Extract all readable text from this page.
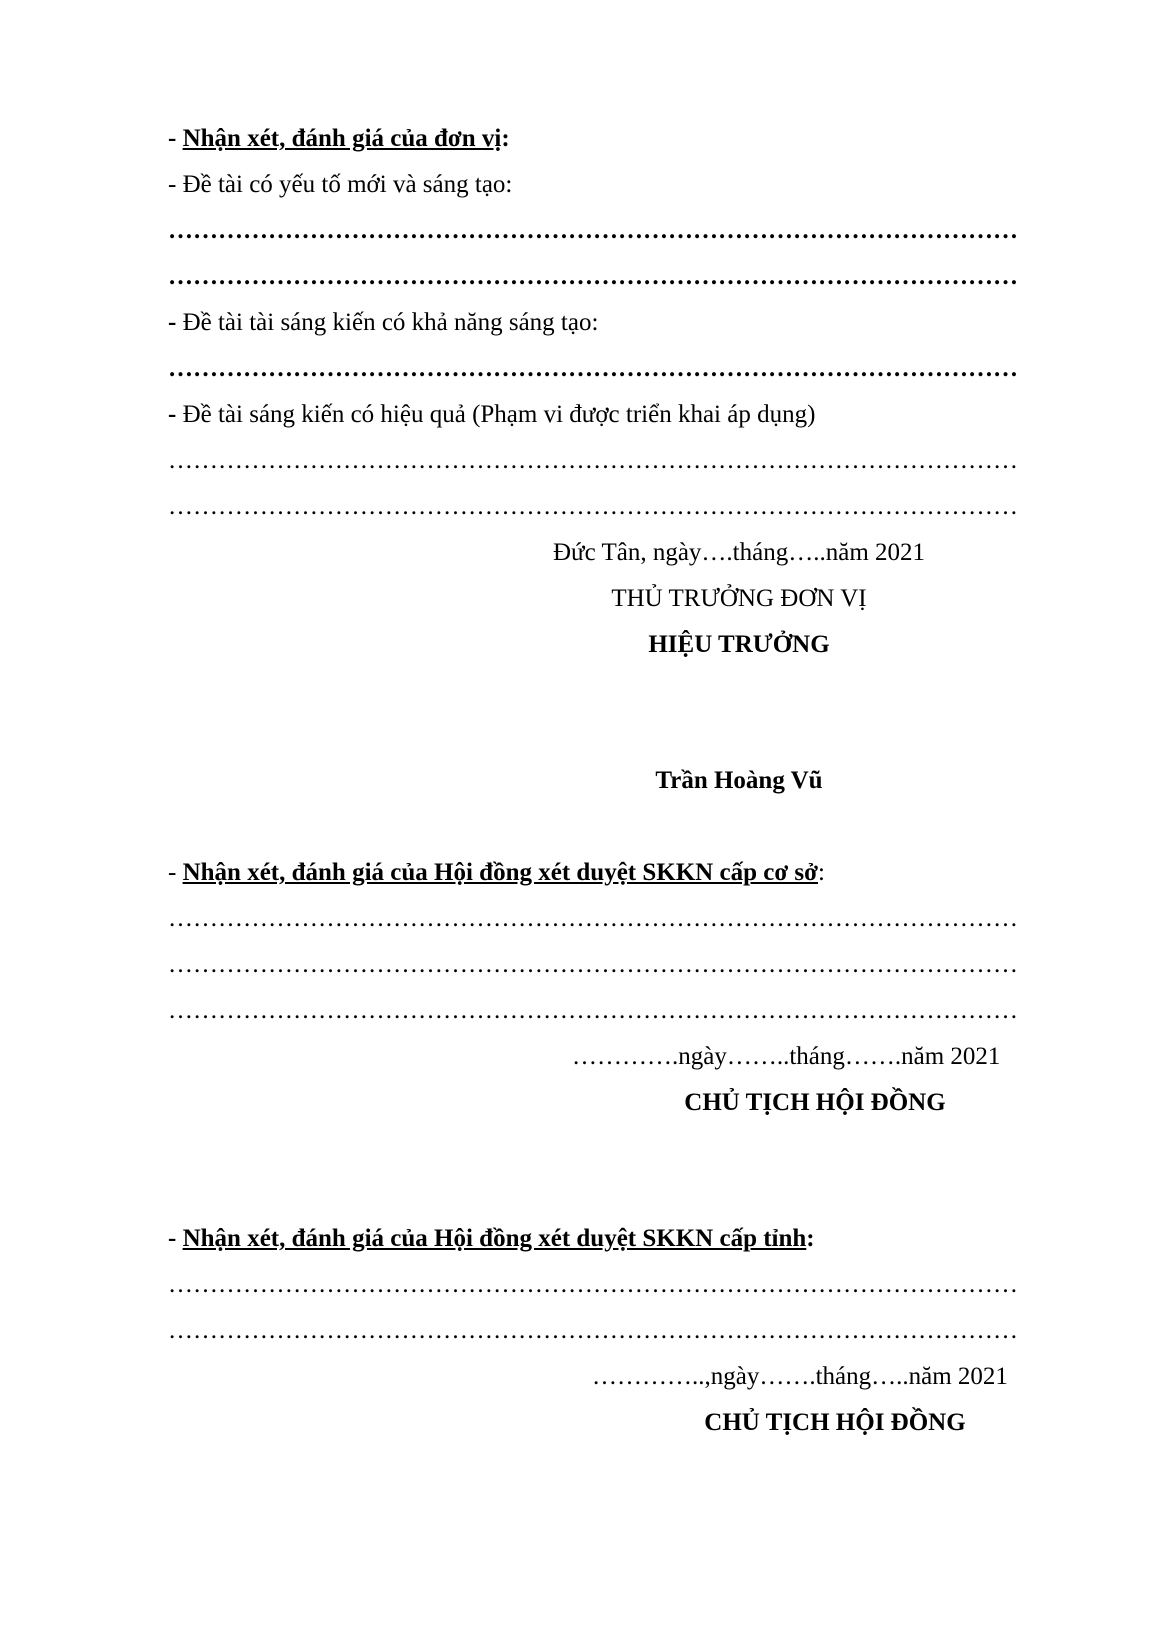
- Nhận xét, đánh giá của đơn vị:
- Đề tài có yếu tố mới và sáng tạo:
…………………………………………………………………………………………
…………………………………………………………………………………………
- Đề tài tài sáng kiến có khả năng sáng tạo:
…………………………………………………………………………………………
- Đề tài sáng kiến có hiệu quả (Phạm vi được triển khai áp dụng)
…………………………………………………………………………………………
…………………………………………………………………………………………
Đức Tân, ngày….tháng…..năm 2021
THỦ TRƯỞNG ĐƠN VỊ
HIỆU TRƯỞNG
Trần Hoàng Vũ
- Nhận xét, đánh giá của Hội đồng xét duyệt SKKN cấp cơ sở:
…………………………………………………………………………………………
…………………………………………………………………………………………
…………………………………………………………………………………………
………….ngày……..tháng…….năm 2021
CHỦ TỊCH HỘI ĐỒNG
- Nhận xét, đánh giá của Hội đồng xét duyệt SKKN cấp tỉnh:
…………………………………………………………………………………………
…………………………………………………………………………………………
…………..,ngày…….tháng…..năm 2021
CHỦ TỊCH HỘI ĐỒNG
